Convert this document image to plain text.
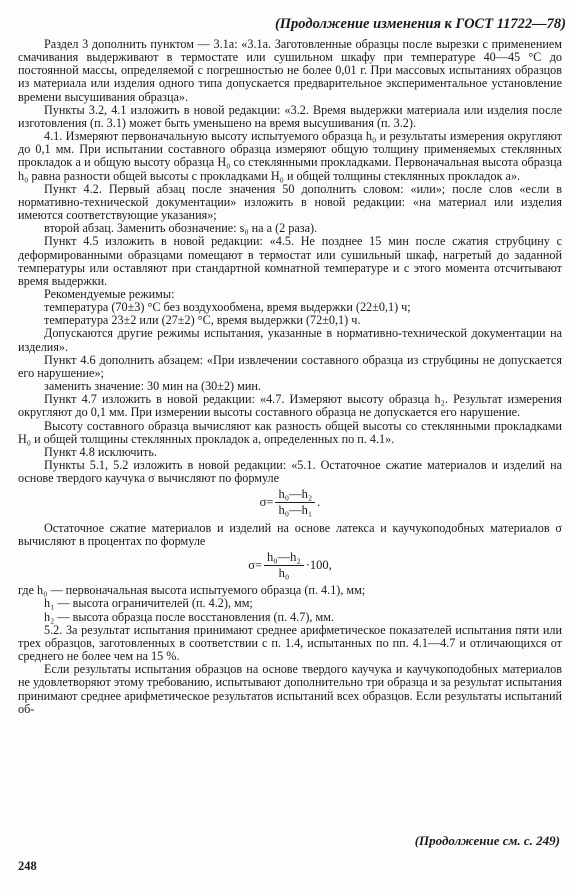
(Продолжение изменения к ГОСТ 11722—78)

Раздел 3 дополнить пунктом — 3.1а: «3.1а. Заготовленные образцы после вырезки с применением смачивания выдерживают в термостате или сушильном шкафу при температуре 40—45 °С до постоянной массы, определяемой с погрешностью не более 0,01 г. При массовых испытаниях образцов из материала или изделия одного типа допускается предварительное экспериментальное установление времени высушивания образца».

Пункты 3.2, 4.1 изложить в новой редакции: «3.2. Время выдержки материала или изделия после изготовления (п. 3.1) может быть уменьшено на время высушивания (п. 3.2).

4.1. Измеряют первоначальную высоту испытуемого образца h₀ и результаты измерения округляют до 0,1 мм. При испытании составного образца измеряют общую толщину применяемых стеклянных прокладок a и общую высоту образца H₀ со стеклянными прокладками. Первоначальная высота образца h₀ равна разности общей высоты с прокладками H₀ и общей толщины стеклянных прокладок a».

Пункт 4.2. Первый абзац после значения 50 дополнить словом: «или»; после слов «если в нормативно-технической документации» изложить в новой редакции: «на материал или изделия имеются соответствующие указания»;

второй абзац. Заменить обозначение: s₀ на a (2 раза).

Пункт 4.5 изложить в новой редакции: «4.5. Не позднее 15 мин после сжатия струбцину с деформированными образцами помещают в термостат или сушильный шкаф, нагретый до заданной температуры или оставляют при стандартной комнатной температуре и с этого момента отсчитывают время выдержки.

Рекомендуемые режимы:

температура (70±3) °С без воздухообмена, время выдержки (22±0,1) ч;

температура 23±2 или (27±2) °С, время выдержки (72±0,1) ч.

Допускаются другие режимы испытания, указанные в нормативно-технической документации на изделия».

Пункт 4.6 дополнить абзацем: «При извлечении составного образца из струбцины не допускается его нарушение»;

заменить значение: 30 мин на (30±2) мин.

Пункт 4.7 изложить в новой редакции: «4.7. Измеряют высоту образца h₂. Результат измерения округляют до 0,1 мм. При измерении высоты составного образца не допускается его нарушение.

Высоту составного образца вычисляют как разность общей высоты со стеклянными прокладками H₀ и общей толщины стеклянных прокладок a, определенных по п. 4.1».

Пункт 4.8 исключить.

Пункты 5.1, 5.2 изложить в новой редакции: «5.1. Остаточное сжатие материалов и изделий на основе твердого каучука σ вычисляют по формуле

$\sigma= \frac{\text{h₀—h₂}}{\text{h₀—h₁}}$ .

Остаточное сжатие материалов и изделий на основе латекса и каучукоподобных материалов σ вычисляют в процентах по формуле

$\sigma= \frac{\text{h₀—h₂}}{\text{h₀}} \cdot 100$,

где h₀ — первоначальная высота испытуемого образца (п. 4.1), мм;

h₁ — высота ограничителей (п. 4.2), мм;

h₂ — высота образца после восстановления (п. 4.7), мм.

5.2. За результат испытания принимают среднее арифметическое показателей испытания пяти или трех образцов, заготовленных в соответствии с п. 1.4, испытанных по пп. 4.1—4.7 и отличающихся от среднего не более чем на 15 %.

Если результаты испытания образцов на основе твердого каучука и каучукоподобных материалов не удовлетворяют этому требованию, испытывают дополнительно три образца и за результат испытания принимают среднее арифметическое результатов испытаний всех образцов. Если результаты испытаний об-

(Продолжение см. с. 249)
248
